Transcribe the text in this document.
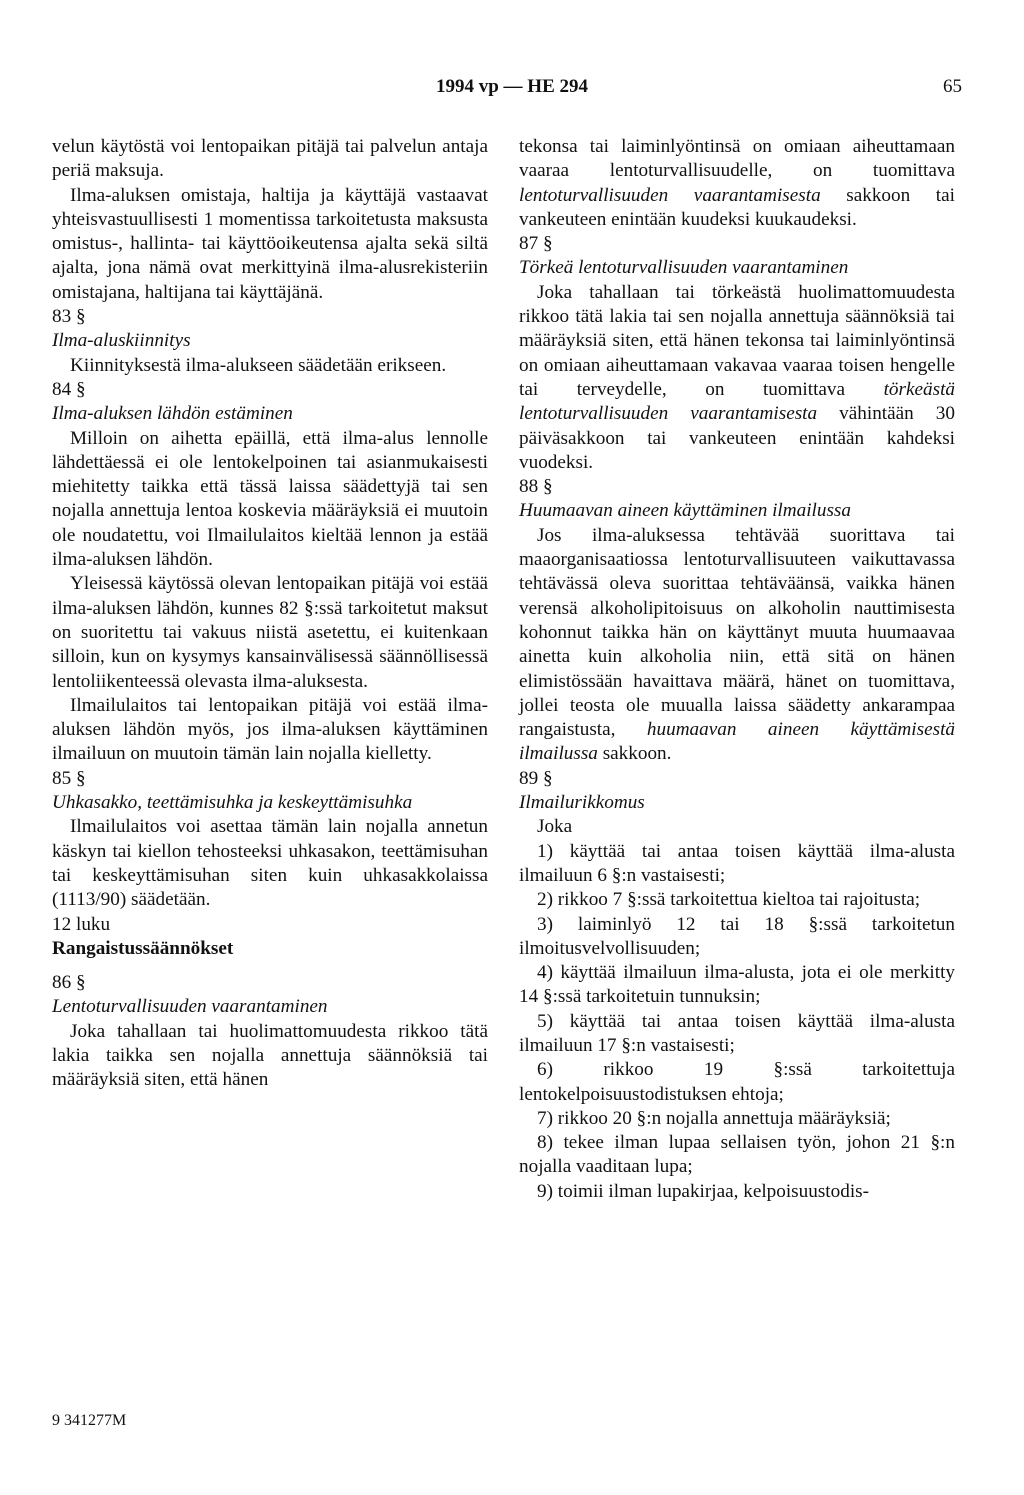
1994 vp — HE 294	65

velun käytöstä voi lentopaikan pitäjä tai palvelun antaja periä maksuja.

Ilma-aluksen omistaja, haltija ja käyttäjä vastaavat yhteisvastuullisesti 1 momentissa tarkoitetusta maksusta omistus-, hallinta- tai käyttöoikeutensa ajalta sekä siltä ajalta, jona nämä ovat merkittyinä ilma-alusrekisteriin omistajana, haltijana tai käyttäjänä.

83 §

Ilma-aluskiinnitys

Kiinnityksestä ilma-alukseen säädetään erikseen.

84 §

Ilma-aluksen lähdön estäminen

Milloin on aihetta epäillä, että ilma-alus lennolle lähdettäessä ei ole lentokelpoinen tai asianmukaisesti miehitetty taikka että tässä laissa säädettyjä tai sen nojalla annettuja lentoa koskevia määräyksiä ei muutoin ole noudatettu, voi Ilmailulaitos kieltää lennon ja estää ilma-aluksen lähdön.

Yleisessä käytössä olevan lentopaikan pitäjä voi estää ilma-aluksen lähdön, kunnes 82 §:ssä tarkoitetut maksut on suoritettu tai vakuus niistä asetettu, ei kuitenkaan silloin, kun on kysymys kansainvälisessä säännöllisessä lentoliikenteessä olevasta ilma-aluksesta.

Ilmailulaitos tai lentopaikan pitäjä voi estää ilma-aluksen lähdön myös, jos ilma-aluksen käyttäminen ilmailuun on muutoin tämän lain nojalla kielletty.

85 §

Uhkasakko, teettämisuhka ja keskeyttämisuhka

Ilmailulaitos voi asettaa tämän lain nojalla annetun käskyn tai kiellon tehosteeksi uhkasakon, teettämisuhan tai keskeyttämisuhan siten kuin uhkasakkolaissa (1113/90) säädetään.

12 luku

Rangaistussäännökset

86 §

Lentoturvallisuuden vaarantaminen

Joka tahallaan tai huolimattomuudesta rikkoo tätä lakia taikka sen nojalla annettuja säännöksiä tai määräyksiä siten, että hänen

tekonsa tai laiminlyöntinsä on omiaan aiheuttamaan vaaraa lentoturvallisuudelle, on tuomittava lentoturvallisuuden vaarantamisesta sakkoon tai vankeuteen enintään kuudeksi kuukaudeksi.

87 §

Törkeä lentoturvallisuuden vaarantaminen

Joka tahallaan tai törkeästä huolimattomuudesta rikkoo tätä lakia tai sen nojalla annettuja säännöksiä tai määräyksiä siten, että hänen tekonsa tai laiminlyöntinsä on omiaan aiheuttamaan vakavaa vaaraa toisen hengelle tai terveydelle, on tuomittava törkeästä lentoturvallisuuden vaarantamisesta vähintään 30 päiväsakkoon tai vankeuteen enintään kahdeksi vuodeksi.

88 §

Huumaavan aineen käyttäminen ilmailussa

Jos ilma-aluksessa tehtävää suorittava tai maaorganisaatiossa lentoturvallisuuteen vaikuttavassa tehtävässä oleva suorittaa tehtäväänsä, vaikka hänen verensä alkoholipitoisuus on alkoholin nauttimisesta kohonnut taikka hän on käyttänyt muuta huumaavaa ainetta kuin alkoholia niin, että sitä on hänen elimistössään havaittava määrä, hänet on tuomittava, jollei teosta ole muualla laissa säädetty ankarampaa rangaistusta, huumaavan aineen käyttämisestä ilmailussa sakkoon.

89 §

Ilmailurikkomus

Joka

1) käyttää tai antaa toisen käyttää ilma-alusta ilmailuun 6 §:n vastaisesti;

2) rikkoo 7 §:ssä tarkoitettua kieltoa tai rajoitusta;

3) laiminlyö 12 tai 18 §:ssä tarkoitetun ilmoitusvelvollisuuden;

4) käyttää ilmailuun ilma-alusta, jota ei ole merkitty 14 §:ssä tarkoitetuin tunnuksin;

5) käyttää tai antaa toisen käyttää ilma-alusta ilmailuun 17 §:n vastaisesti;

6) rikkoo 19 §:ssä tarkoitettuja lentokelpoisuustodistuksen ehtoja;

7) rikkoo 20 §:n nojalla annettuja määräyksiä;

8) tekee ilman lupaa sellaisen työn, johon 21 §:n nojalla vaaditaan lupa;

9) toimii ilman lupakirjaa, kelpoisuustodis-

9 341277M
